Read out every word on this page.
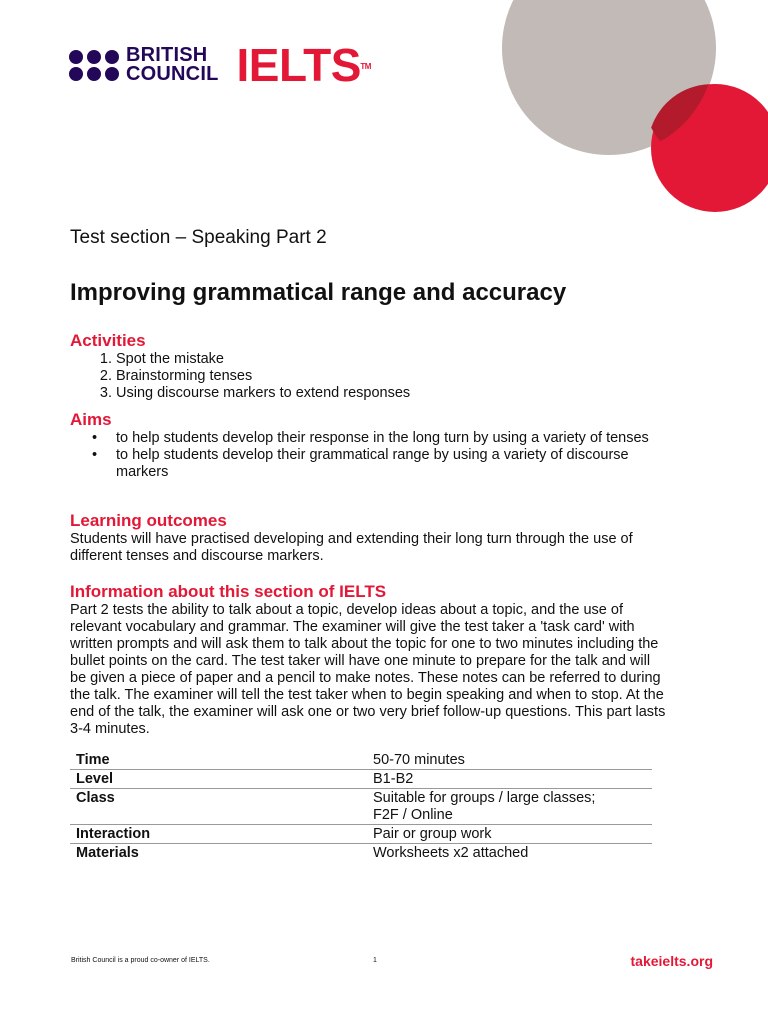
BRITISH
COUNCIL IELTS TM
Test section – Speaking Part 2
Improving grammatical range and accuracy
Activities
1. Spot the mistake
2. Brainstorming tenses
3. Using discourse markers to extend responses
Aims
• to help students develop their response in the long turn by using a variety of tenses
• to help students develop their grammatical range by using a variety of discourse markers
Learning outcomes
Students will have practised developing and extending their long turn through the use of different tenses and discourse markers.
Information about this section of IELTS
Part 2 tests the ability to talk about a topic, develop ideas about a topic, and the use of relevant vocabulary and grammar. The examiner will give the test taker a 'task card' with written prompts and will ask them to talk about the topic for one to two minutes including the bullet points on the card. The test taker will have one minute to prepare for the talk and will be given a piece of paper and a pencil to make notes. These notes can be referred to during the talk. The examiner will tell the test taker when to begin speaking and when to stop. At the end of the talk, the examiner will ask one or two very brief follow-up questions. This part lasts 3-4 minutes.
Time	50-70 minutes
Level	B1-B2
Class	Suitable for groups / large classes;
F2F / Online
Interaction	Pair or group work
Materials	Worksheets x2 attached
British Council is a proud co-owner of IELTS.	1	takeielts.org
